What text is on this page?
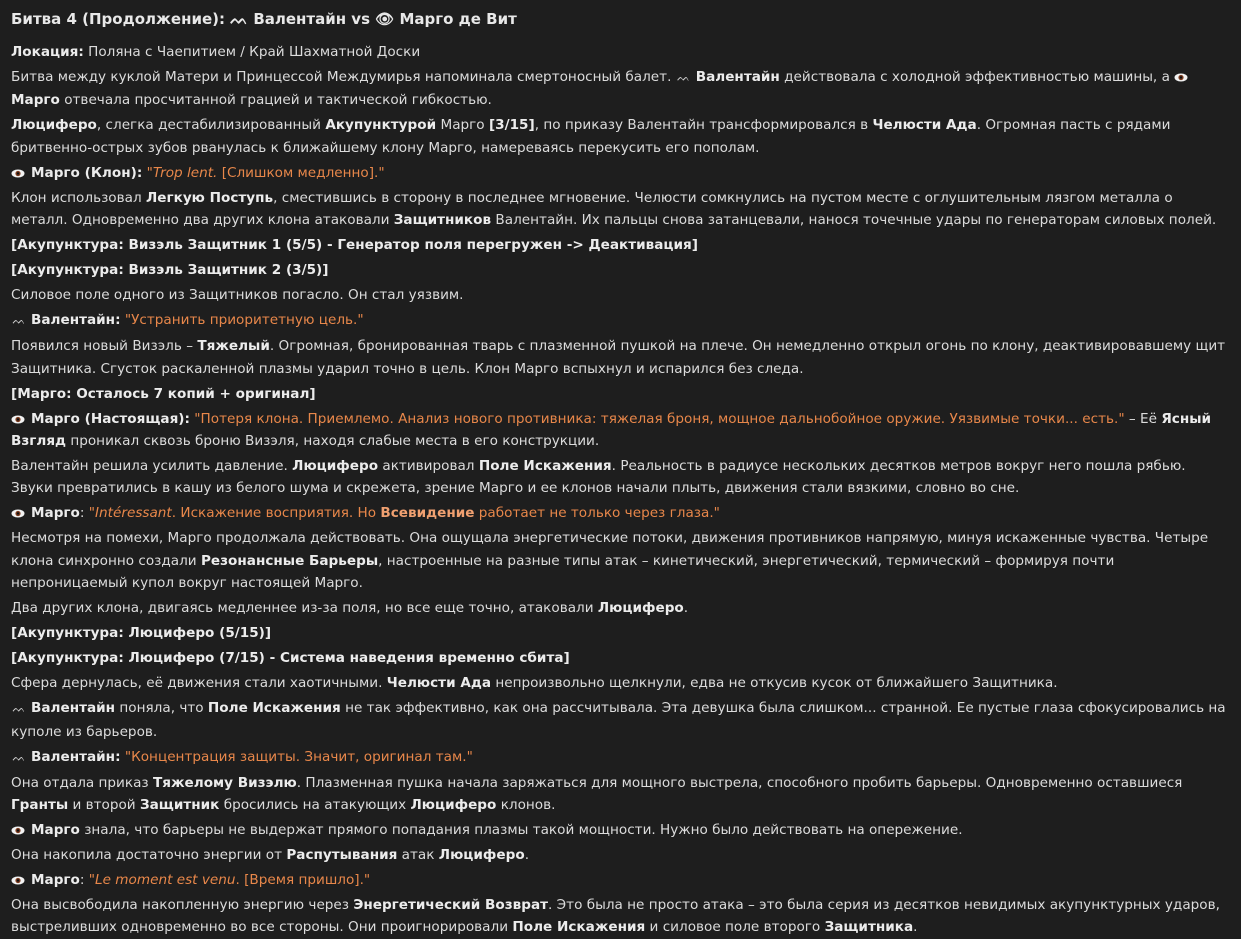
Битва 4 (Продолжение): ᨓ Валентайн vs 👁 Марго де Вит

Локация: Поляна с Чаепитием / Край Шахматной Доски

Битва между куклой Матери и Принцессой Междумирья напоминала смертоносный балет. ᨓ Валентайн действовала с холодной эффективностью машины, а Марго отвечала просчитанной грацией и тактической гибкостью.

Люциферо, слегка дестабилизированный Акупунктурой Марго [3/15], по приказу Валентайн трансформировался в Челюсти Ада. Огромная пасть с рядами бритвенно-острых зубов рванулась к ближайшему клону Марго, намереваясь перекусить его пополам.

Марго (Клон): "Trop lent. [Слишком медленно]."

Клон использовал Легкую Поступь, сместившись в сторону в последнее мгновение. Челюсти сомкнулись на пустом месте с оглушительным лязгом металла о металл. Одновременно два других клона атаковали Защитников Валентайн. Их пальцы снова затанцевали, нанося точечные удары по генераторам силовых полей.

[Акупунктура: Визэль Защитник 1 (5/5) - Генератор поля перегружен -> Деактивация]

[Акупунктура: Визэль Защитник 2 (3/5)]

Силовое поле одного из Защитников погасло. Он стал уязвим.

ᨓ Валентайн: "Устранить приоритетную цель."

Появился новый Визэль – Тяжелый. Огромная, бронированная тварь с плазменной пушкой на плече. Он немедленно открыл огонь по клону, деактивировавшему щит Защитника. Сгусток раскаленной плазмы ударил точно в цель. Клон Марго вспыхнул и испарился без следа.

[Марго: Осталось 7 копий + оригинал]

Марго (Настоящая): "Потеря клона. Приемлемо. Анализ нового противника: тяжелая броня, мощное дальнобойное оружие. Уязвимые точки... есть." – Её Ясный Взгляд проникал сквозь броню Визэля, находя слабые места в его конструкции.

Валентайн решила усилить давление. Люциферо активировал Поле Искажения. Реальность в радиусе нескольких десятков метров вокруг него пошла рябью. Звуки превратились в кашу из белого шума и скрежета, зрение Марго и ее клонов начали плыть, движения стали вязкими, словно во сне.

Марго: "Intéressant. Искажение восприятия. Но Всевидение работает не только через глаза."

Несмотря на помехи, Марго продолжала действовать. Она ощущала энергетические потоки, движения противников напрямую, минуя искаженные чувства. Четыре клона синхронно создали Резонансные Барьеры, настроенные на разные типы атак – кинетический, энергетический, термический – формируя почти непроницаемый купол вокруг настоящей Марго.

Два других клона, двигаясь медленнее из-за поля, но все еще точно, атаковали Люциферо.

[Акупунктура: Люциферо (5/15)]

[Акупунктура: Люциферо (7/15) - Система наведения временно сбита]

Сфера дернулась, её движения стали хаотичными. Челюсти Ада непроизвольно щелкнули, едва не откусив кусок от ближайшего Защитника.

ᨓ Валентайн поняла, что Поле Искажения не так эффективно, как она рассчитывала. Эта девушка была слишком... странной. Ее пустые глаза сфокусировались на куполе из барьеров.

ᨓ Валентайн: "Концентрация защиты. Значит, оригинал там."

Она отдала приказ Тяжелому Визэлю. Плазменная пушка начала заряжаться для мощного выстрела, способного пробить барьеры. Одновременно оставшиеся Гранты и второй Защитник бросились на атакующих Люциферо клонов.

Марго знала, что барьеры не выдержат прямого попадания плазмы такой мощности. Нужно было действовать на опережение.

Она накопила достаточно энергии от Распутывания атак Люциферо.

Марго: "Le moment est venu. [Время пришло]."

Она высвободила накопленную энергию через Энергетический Возврат. Это была не просто атака – это была серия из десятков невидимых акупунктурных ударов, выстреливших одновременно во все стороны. Они проигнорировали Поле Искажения и силовое поле второго Защитника.
